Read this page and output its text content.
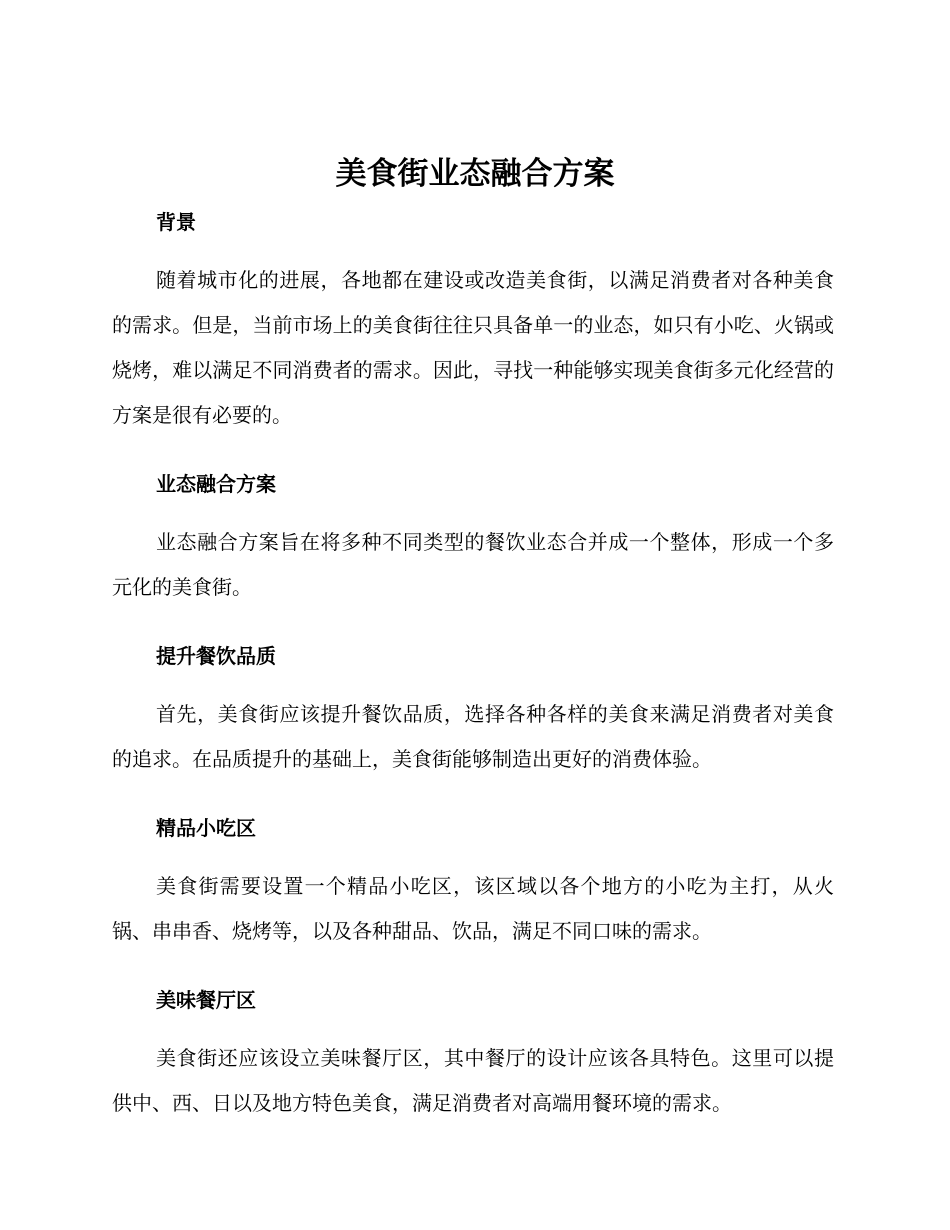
美食街业态融合方案
背景

随着城市化的进展，各地都在建设或改造美食街，以满足消费者对各种美食的需求。但是，当前市场上的美食街往往只具备单一的业态，如只有小吃、火锅或烧烤，难以满足不同消费者的需求。因此，寻找一种能够实现美食街多元化经营的方案是很有必要的。

业态融合方案

业态融合方案旨在将多种不同类型的餐饮业态合并成一个整体，形成一个多元化的美食街。

提升餐饮品质

首先，美食街应该提升餐饮品质，选择各种各样的美食来满足消费者对美食的追求。在品质提升的基础上，美食街能够制造出更好的消费体验。

精品小吃区

美食街需要设置一个精品小吃区，该区域以各个地方的小吃为主打，从火锅、串串香、烧烤等，以及各种甜品、饮品，满足不同口味的需求。

美味餐厅区

美食街还应该设立美味餐厅区，其中餐厅的设计应该各具特色。这里可以提供中、西、日以及地方特色美食，满足消费者对高端用餐环境的需求。
